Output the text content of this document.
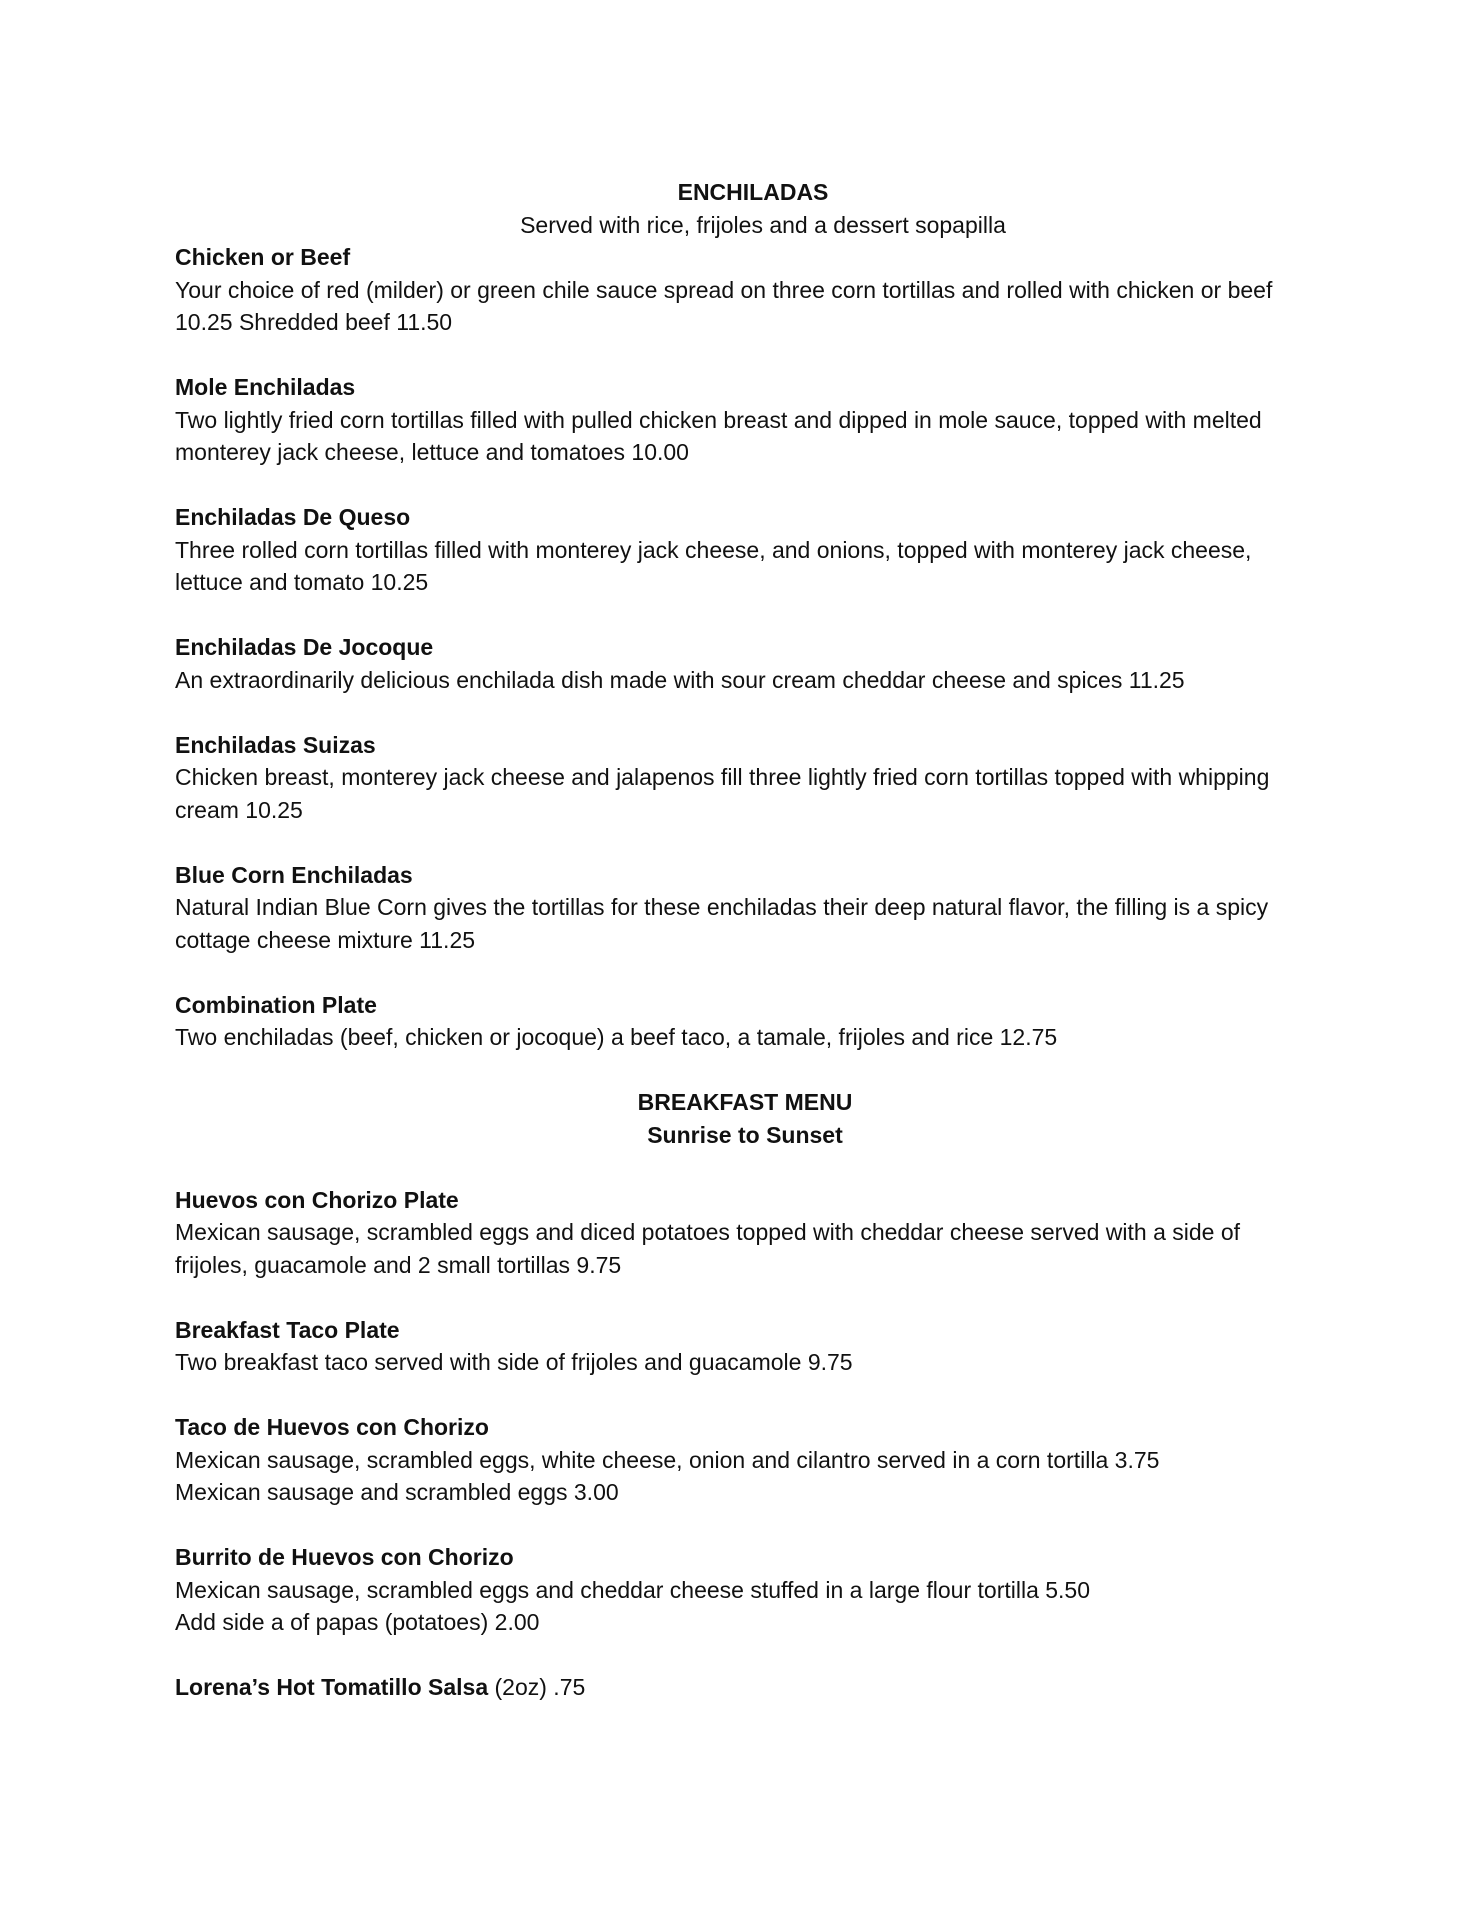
ENCHILADAS
Served with rice, frijoles and a dessert sopapilla
Chicken or Beef
Your choice of red (milder) or green chile sauce spread on three corn tortillas and rolled with chicken or beef 10.25 Shredded beef 11.50
Mole Enchiladas
Two lightly fried corn tortillas filled with pulled chicken breast and dipped in mole sauce, topped with melted monterey jack cheese, lettuce and tomatoes 10.00
Enchiladas De Queso
Three rolled corn tortillas filled with monterey jack cheese, and onions, topped with monterey jack cheese, lettuce and tomato 10.25
Enchiladas De Jocoque
An extraordinarily delicious enchilada dish made with sour cream cheddar cheese and spices 11.25
Enchiladas Suizas
Chicken breast, monterey jack cheese and jalapenos fill three lightly fried corn tortillas topped with whipping cream 10.25
Blue Corn Enchiladas
Natural Indian Blue Corn gives the tortillas for these enchiladas their deep natural flavor, the filling is a spicy cottage cheese mixture 11.25
Combination Plate
Two enchiladas (beef, chicken or jocoque) a beef taco, a tamale, frijoles and rice 12.75
BREAKFAST MENU
Sunrise to Sunset
Huevos con Chorizo Plate
Mexican sausage, scrambled eggs and diced potatoes topped with cheddar cheese served with a side of frijoles, guacamole and 2 small tortillas 9.75
Breakfast Taco Plate
Two breakfast taco served with side of frijoles and guacamole 9.75
Taco de Huevos con Chorizo
Mexican sausage, scrambled eggs, white cheese, onion and cilantro served in a corn tortilla 3.75
Mexican sausage and scrambled eggs 3.00
Burrito de Huevos con Chorizo
Mexican sausage, scrambled eggs and cheddar cheese stuffed in a large flour tortilla 5.50
Add side a of papas (potatoes) 2.00
Lorena’s Hot Tomatillo Salsa (2oz) .75
